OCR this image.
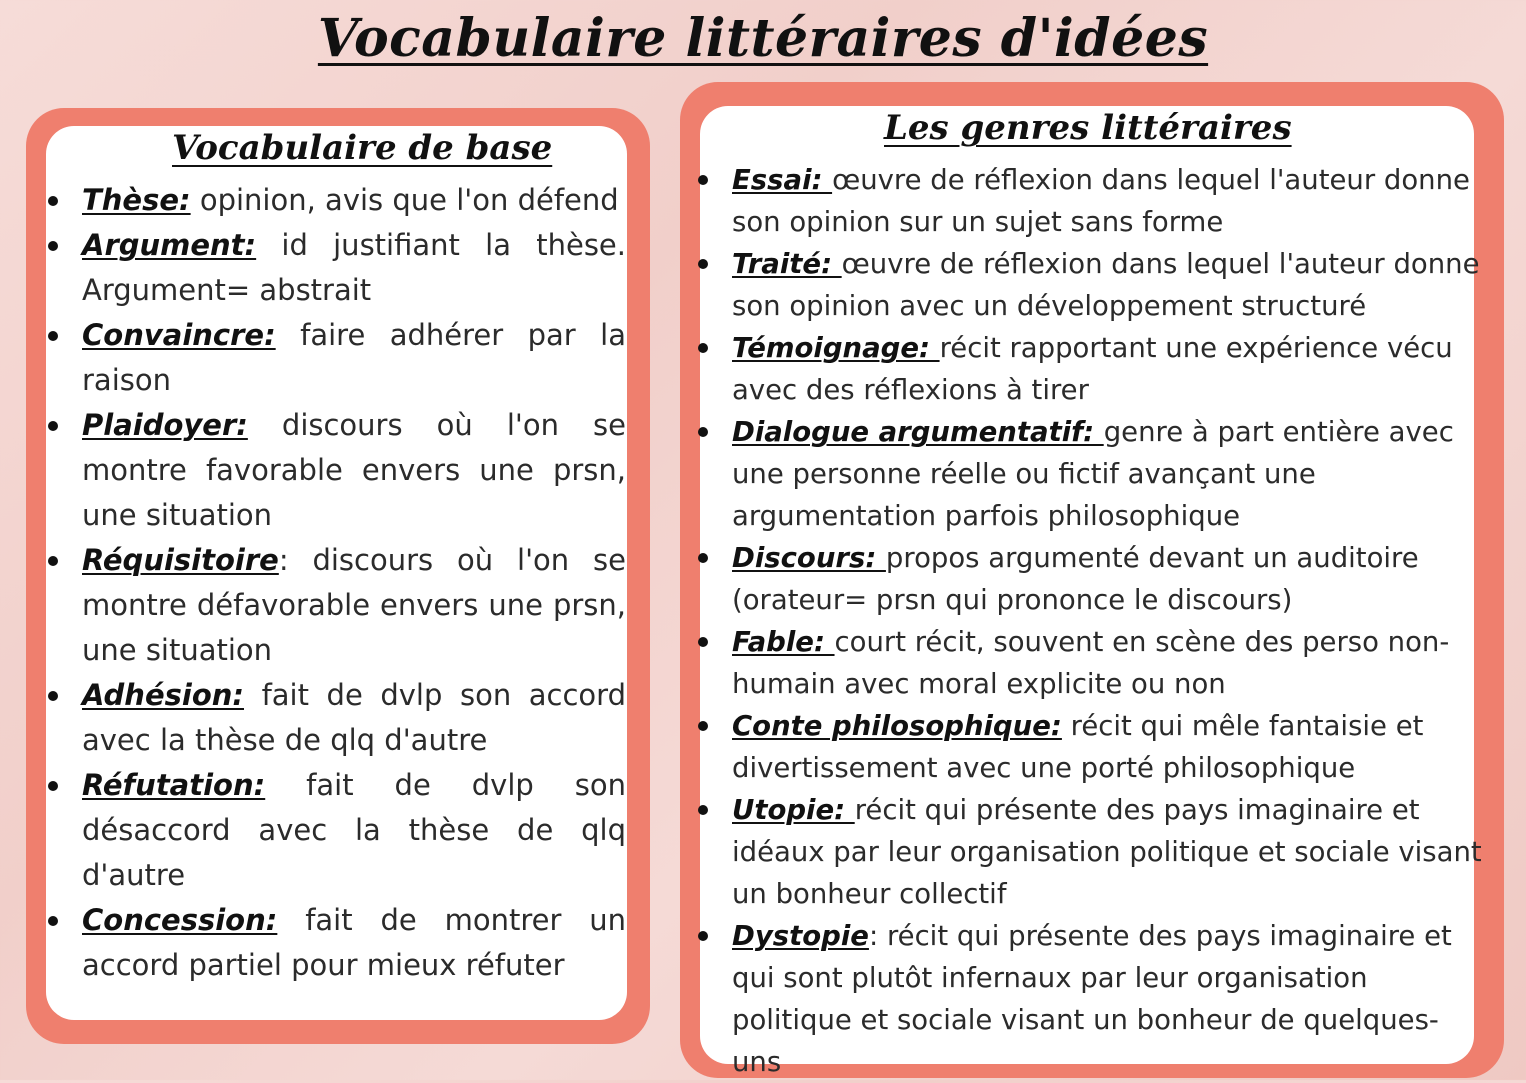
Vocabulaire littéraires d'idées
Vocabulaire de base
Thèse: opinion, avis que l'on défend
Argument: id justifiant la thèse. Argument= abstrait
Convaincre: faire adhérer par la raison
Plaidoyer: discours où l'on se montre favorable envers une prsn, une situation
Réquisitoire: discours où l'on se montre défavorable envers une prsn, une situation
Adhésion: fait de dvlp son accord avec la thèse de qlq d'autre
Réfutation: fait de dvlp son désaccord avec la thèse de qlq d'autre
Concession: fait de montrer un accord partiel pour mieux réfuter
Les genres littéraires
Essai: œuvre de réflexion dans lequel l'auteur donne son opinion sur un sujet sans forme
Traité: œuvre de réflexion dans lequel l'auteur donne son opinion avec un développement structuré
Témoignage: récit rapportant une expérience vécu avec des réflexions à tirer
Dialogue argumentatif: genre à part entière avec une personne réelle ou fictif avançant une argumentation parfois philosophique
Discours: propos argumenté devant un auditoire (orateur= prsn qui prononce le discours)
Fable: court récit, souvent en scène des perso non-humain avec moral explicite ou non
Conte philosophique: récit qui mêle fantaisie et divertissement avec une porté philosophique
Utopie: récit qui présente des pays imaginaire et idéaux par leur organisation politique et sociale visant un bonheur collectif
Dystopie: récit qui présente des pays imaginaire et qui sont plutôt infernaux par leur organisation politique et sociale visant un bonheur de quelques-uns
